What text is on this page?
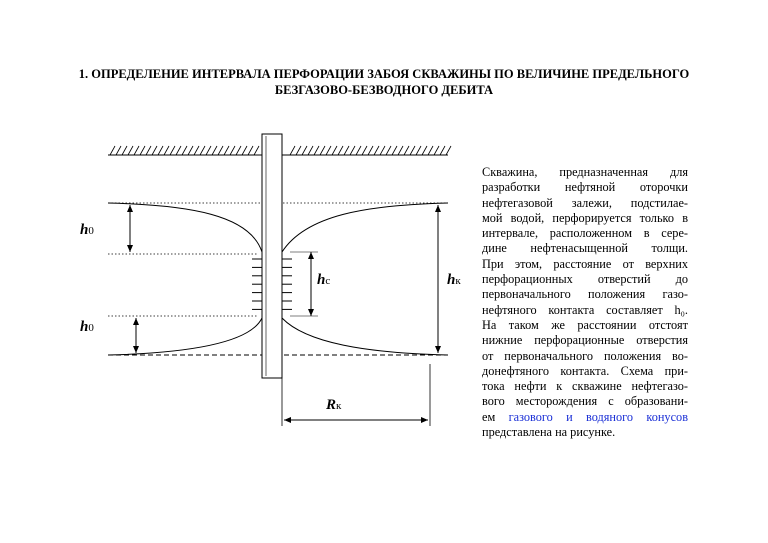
1. ОПРЕДЕЛЕНИЕ ИНТЕРВАЛА ПЕРФОРАЦИИ ЗАБОЯ СКВАЖИНЫ ПО ВЕЛИЧИНЕ ПРЕДЕЛЬНОГО
БЕЗГАЗОВО-БЕЗВОДНОГО ДЕБИТА
h0
h0
hс	hк
Rк
Скважина, предназначенная для
разработки нефтяной оторочки
нефтегазовой залежи, подстилае-
мой водой, перфорируется только в
интервале, расположенном в сере-
дине нефтенасыщенной толщи.
При этом, расстояние от верхних
перфорационных отверстий до
первоначального положения газо-
нефтяного контакта составляет h₀.
На таком же расстоянии отстоят
нижние перфорационные отверстия
от первоначального положения во-
донефтяного контакта. Схема при-
тока нефти к скважине нефтегазо-
вого месторождения с образовани-
ем газового и водяного конусов
представлена на рисунке.
